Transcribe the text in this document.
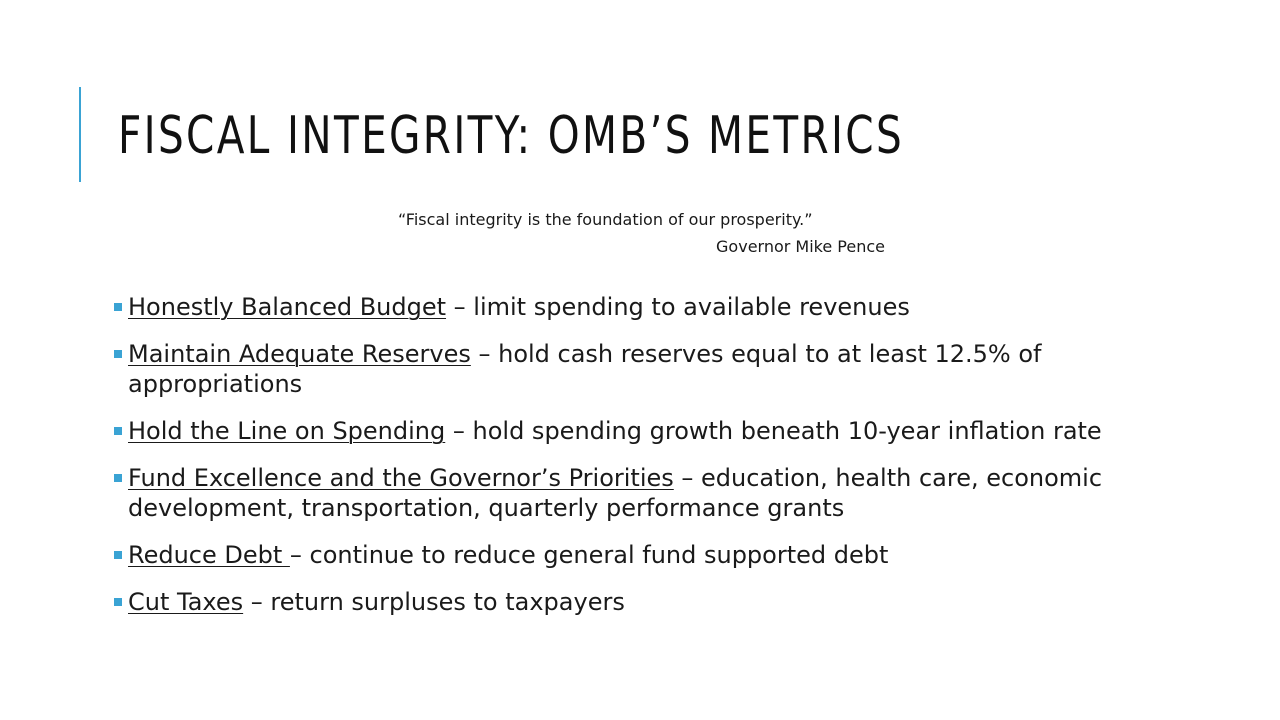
FISCAL INTEGRITY: OMB’S METRICS
“Fiscal integrity is the foundation of our prosperity.”
Governor Mike Pence
Honestly Balanced Budget – limit spending to available revenues
Maintain Adequate Reserves – hold cash reserves equal to at least 12.5% of appropriations
Hold the Line on Spending – hold spending growth beneath 10-year inflation rate
Fund Excellence and the Governor’s Priorities – education, health care, economic development, transportation, quarterly performance grants
Reduce Debt – continue to reduce general fund supported debt
Cut Taxes – return surpluses to taxpayers
